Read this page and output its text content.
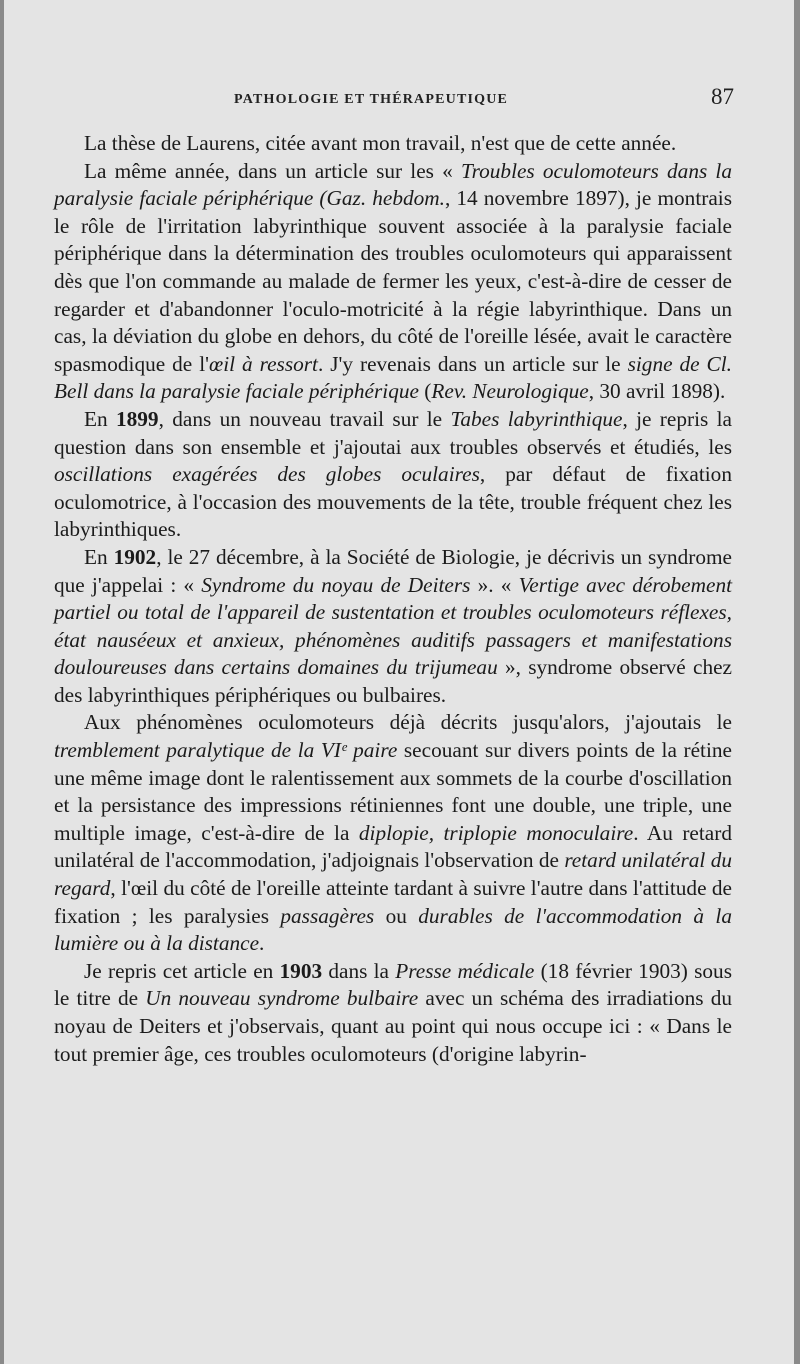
PATHOLOGIE ET THÉRAPEUTIQUE	87

La thèse de Laurens, citée avant mon travail, n'est que de cette année.

La même année, dans un article sur les « Troubles oculomoteurs dans la paralysie faciale périphérique (Gaz. hebdom., 14 novembre 1897), je montrais le rôle de l'irritation labyrinthique souvent associée à la paralysie faciale périphérique dans la détermination des troubles oculomoteurs qui apparaissent dès que l'on commande au malade de fermer les yeux, c'est-à-dire de cesser de regarder et d'abandonner l'oculo-motricité à la régie labyrinthique. Dans un cas, la déviation du globe en dehors, du côté de l'oreille lésée, avait le caractère spasmodique de l'œil à ressort. J'y revenais dans un article sur le signe de Cl. Bell dans la paralysie faciale périphérique (Rev. Neurologique, 30 avril 1898).

En 1899, dans un nouveau travail sur le Tabes labyrinthique, je repris la question dans son ensemble et j'ajoutai aux troubles observés et étudiés, les oscillations exagérées des globes oculaires, par défaut de fixation oculomotrice, à l'occasion des mouvements de la tête, trouble fréquent chez les labyrinthiques.

En 1902, le 27 décembre, à la Société de Biologie, je décrivis un syndrome que j'appelai : « Syndrome du noyau de Deiters ». « Vertige avec dérobement partiel ou total de l'appareil de sustentation et troubles oculomoteurs réflexes, état nauséeux et anxieux, phénomènes auditifs passagers et manifestations douloureuses dans certains domaines du trijumeau », syndrome observé chez des labyrinthiques périphériques ou bulbaires.

Aux phénomènes oculomoteurs déjà décrits jusqu'alors, j'ajoutais le tremblement paralytique de la VIᵉ paire secouant sur divers points de la rétine une même image dont le ralentissement aux sommets de la courbe d'oscillation et la persistance des impressions rétiniennes font une double, une triple, une multiple image, c'est-à-dire de la diplopie, triplopie monoculaire. Au retard unilatéral de l'accommodation, j'adjoignais l'observation de retard unilatéral du regard, l'œil du côté de l'oreille atteinte tardant à suivre l'autre dans l'attitude de fixation ; les paralysies passagères ou durables de l'accommodation à la lumière ou à la distance.

Je repris cet article en 1903 dans la Presse médicale (18 février 1903) sous le titre de Un nouveau syndrome bulbaire avec un schéma des irradiations du noyau de Deiters et j'observais, quant au point qui nous occupe ici : « Dans le tout premier âge, ces troubles oculomoteurs (d'origine labyrin-
